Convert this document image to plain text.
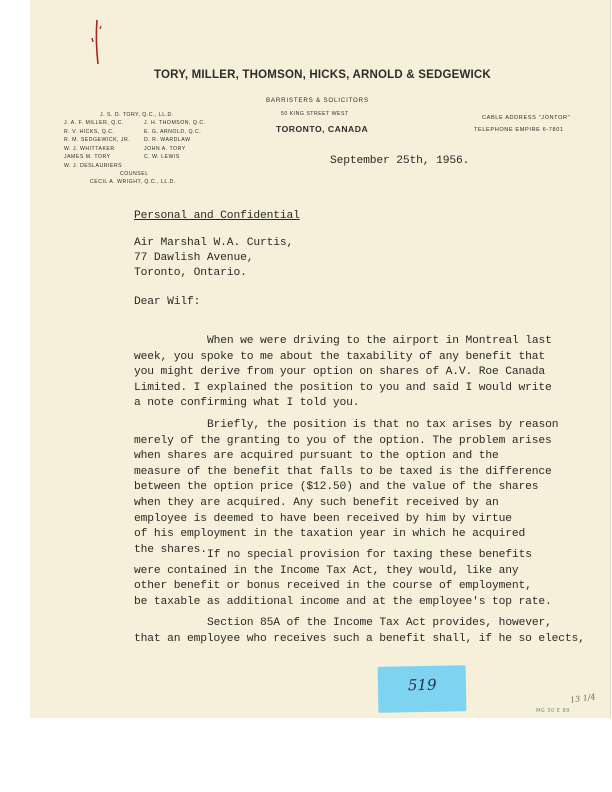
TORY, MILLER, THOMSON, HICKS, ARNOLD & SEDGEWICK
BARRISTERS & SOLICITORS
50 KING STREET WEST
TORONTO, CANADA
CABLE ADDRESS "JONTOR"
TELEPHONE EMPIRE 6-7801
J. S. D. TORY, Q.C., LL.D.
J. A. F. MILLER, Q.C.
R. V. HICKS, Q.C.
R. M. SEDGEWICK, JR.
W. J. WHITTAKER
JAMES M. TORY
W. J. DESLAURIERS
J. H. THOMSON, Q.C.
E. G. ARNOLD, Q.C.
D. R. WARDLAW
JOHN A. TORY
C. W. LEWIS
COUNSEL
CECIL A. WRIGHT, Q.C., LL.D.
September 25th, 1956.
Personal and Confidential
Air Marshal W.A. Curtis,
77 Dawlish Avenue,
Toronto, Ontario.
Dear Wilf:
When we were driving to the airport in Montreal last
week, you spoke to me about the taxability of any benefit that
you might derive from your option on shares of A.V. Roe Canada
Limited. I explained the position to you and said I would write
a note confirming what I told you.
Briefly, the position is that no tax arises by reason
merely of the granting to you of the option. The problem arises
when shares are acquired pursuant to the option and the
measure of the benefit that falls to be taxed is the difference
between the option price ($12.50) and the value of the shares
when they are acquired. Any such benefit received by an
employee is deemed to have been received by him by virtue
of his employment in the taxation year in which he acquired
the shares. If no special provision for taxing these benefits
were contained in the Income Tax Act, they would, like any
other benefit or bonus received in the course of employment,
be taxable as additional income and at the employee's top rate.
Section 85A of the Income Tax Act provides, however,
that an employee who receives such a benefit shall, if he so elects,
13 1/4
MG 30 E 89
519
